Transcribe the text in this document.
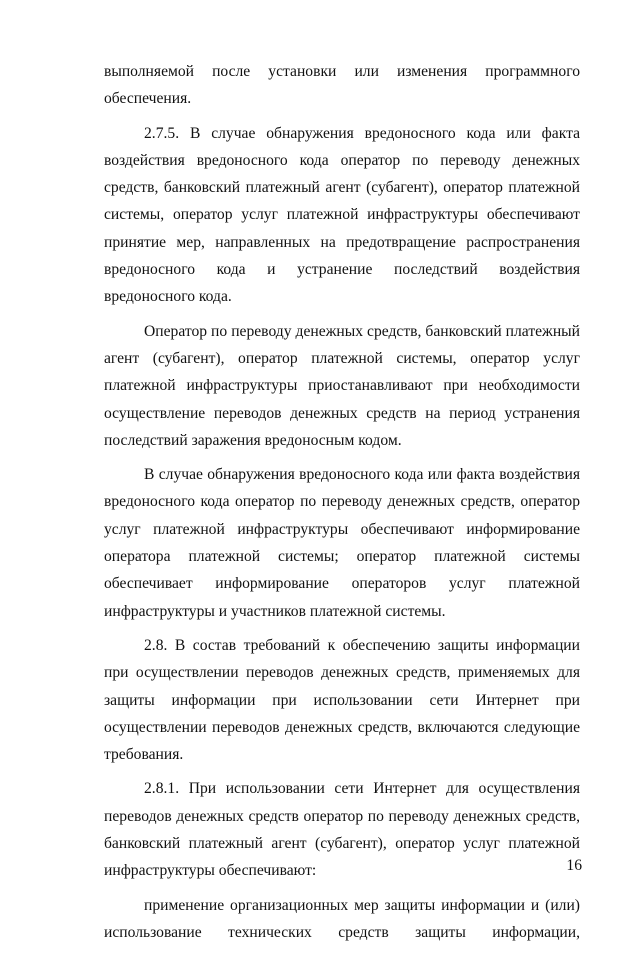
выполняемой после установки или изменения программного обеспечения.

2.7.5. В случае обнаружения вредоносного кода или факта воздействия вредоносного кода оператор по переводу денежных средств, банковский платежный агент (субагент), оператор платежной системы, оператор услуг платежной инфраструктуры обеспечивают принятие мер, направленных на предотвращение распространения вредоносного кода и устранение последствий воздействия вредоносного кода.

Оператор по переводу денежных средств, банковский платежный агент (субагент), оператор платежной системы, оператор услуг платежной инфраструктуры приостанавливают при необходимости осуществление переводов денежных средств на период устранения последствий заражения вредоносным кодом.

В случае обнаружения вредоносного кода или факта воздействия вредоносного кода оператор по переводу денежных средств, оператор услуг платежной инфраструктуры обеспечивают информирование оператора платежной системы; оператор платежной системы обеспечивает информирование операторов услуг платежной инфраструктуры и участников платежной системы.

2.8. В состав требований к обеспечению защиты информации при осуществлении переводов денежных средств, применяемых для защиты информации при использовании сети Интернет при осуществлении переводов денежных средств, включаются следующие требования.

2.8.1. При использовании сети Интернет для осуществления переводов денежных средств оператор по переводу денежных средств, банковский платежный агент (субагент), оператор услуг платежной инфраструктуры обеспечивают:

применение организационных мер защиты информации и (или) использование технических средств защиты информации,

16
